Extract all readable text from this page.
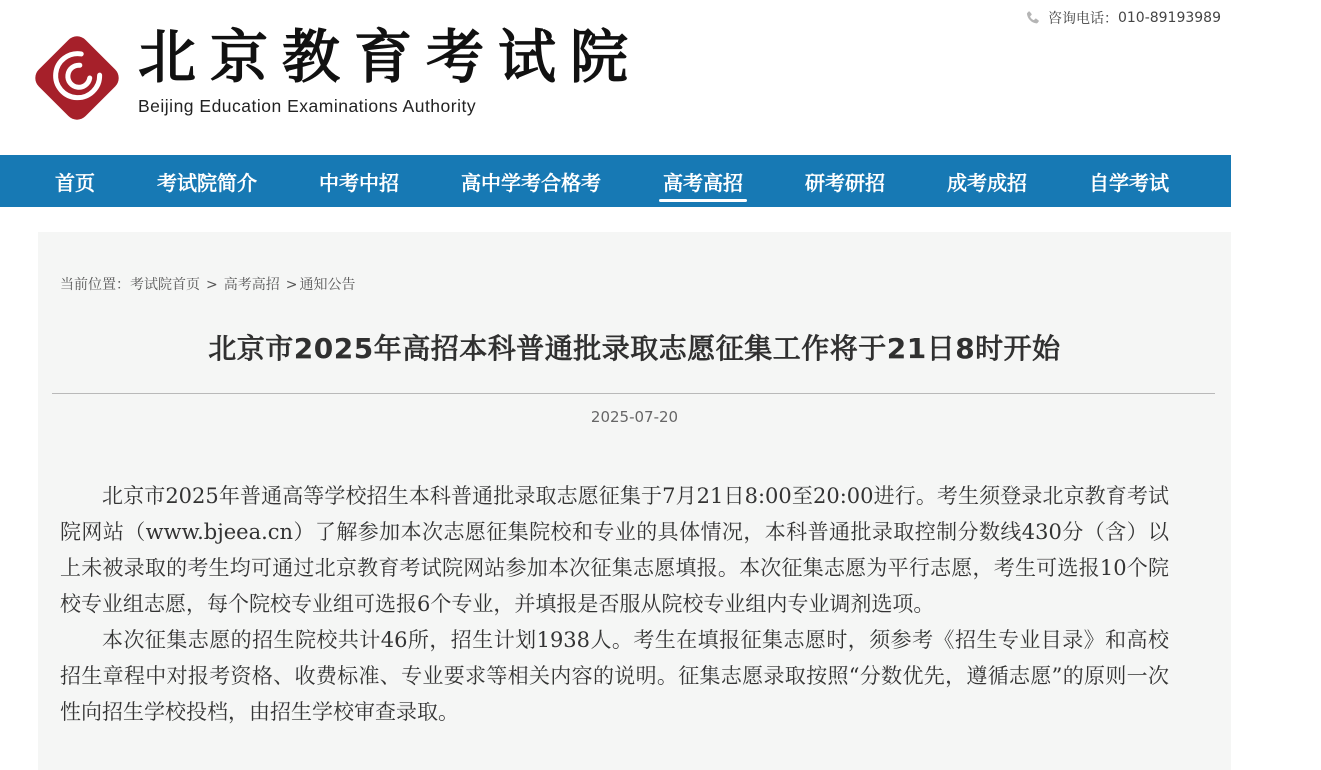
北京教育考试院
Beijing Education Examinations Authority
咨询电话： 010-89193989
首页	考试院简介	中考中招	高中学考合格考	高考高招	研考研招	成考成招	自学考试	社会考试
当前位置：考试院首页 > 高考高招 > 通知公告
北京市2025年高招本科普通批录取志愿征集工作将于21日8时开始
2025-07-20

北京市2025年普通高等学校招生本科普通批录取志愿征集于7月21日8:00至20:00进行。考生须登录北京教育考试院网站（www.bjeea.cn）了解参加本次志愿征集院校和专业的具体情况，本科普通批录取控制分数线430分（含）以上未被录取的考生均可通过北京教育考试院网站参加本次征集志愿填报。本次征集志愿为平行志愿，考生可选报10个院校专业组志愿，每个院校专业组可选报6个专业，并填报是否服从院校专业组内专业调剂选项。

本次征集志愿的招生院校共计46所，招生计划1938人。考生在填报征集志愿时，须参考《招生专业目录》和高校招生章程中对报考资格、收费标准、专业要求等相关内容的说明。征集志愿录取按照“分数优先，遵循志愿”的原则一次性向招生学校投档，由招生学校审查录取。
